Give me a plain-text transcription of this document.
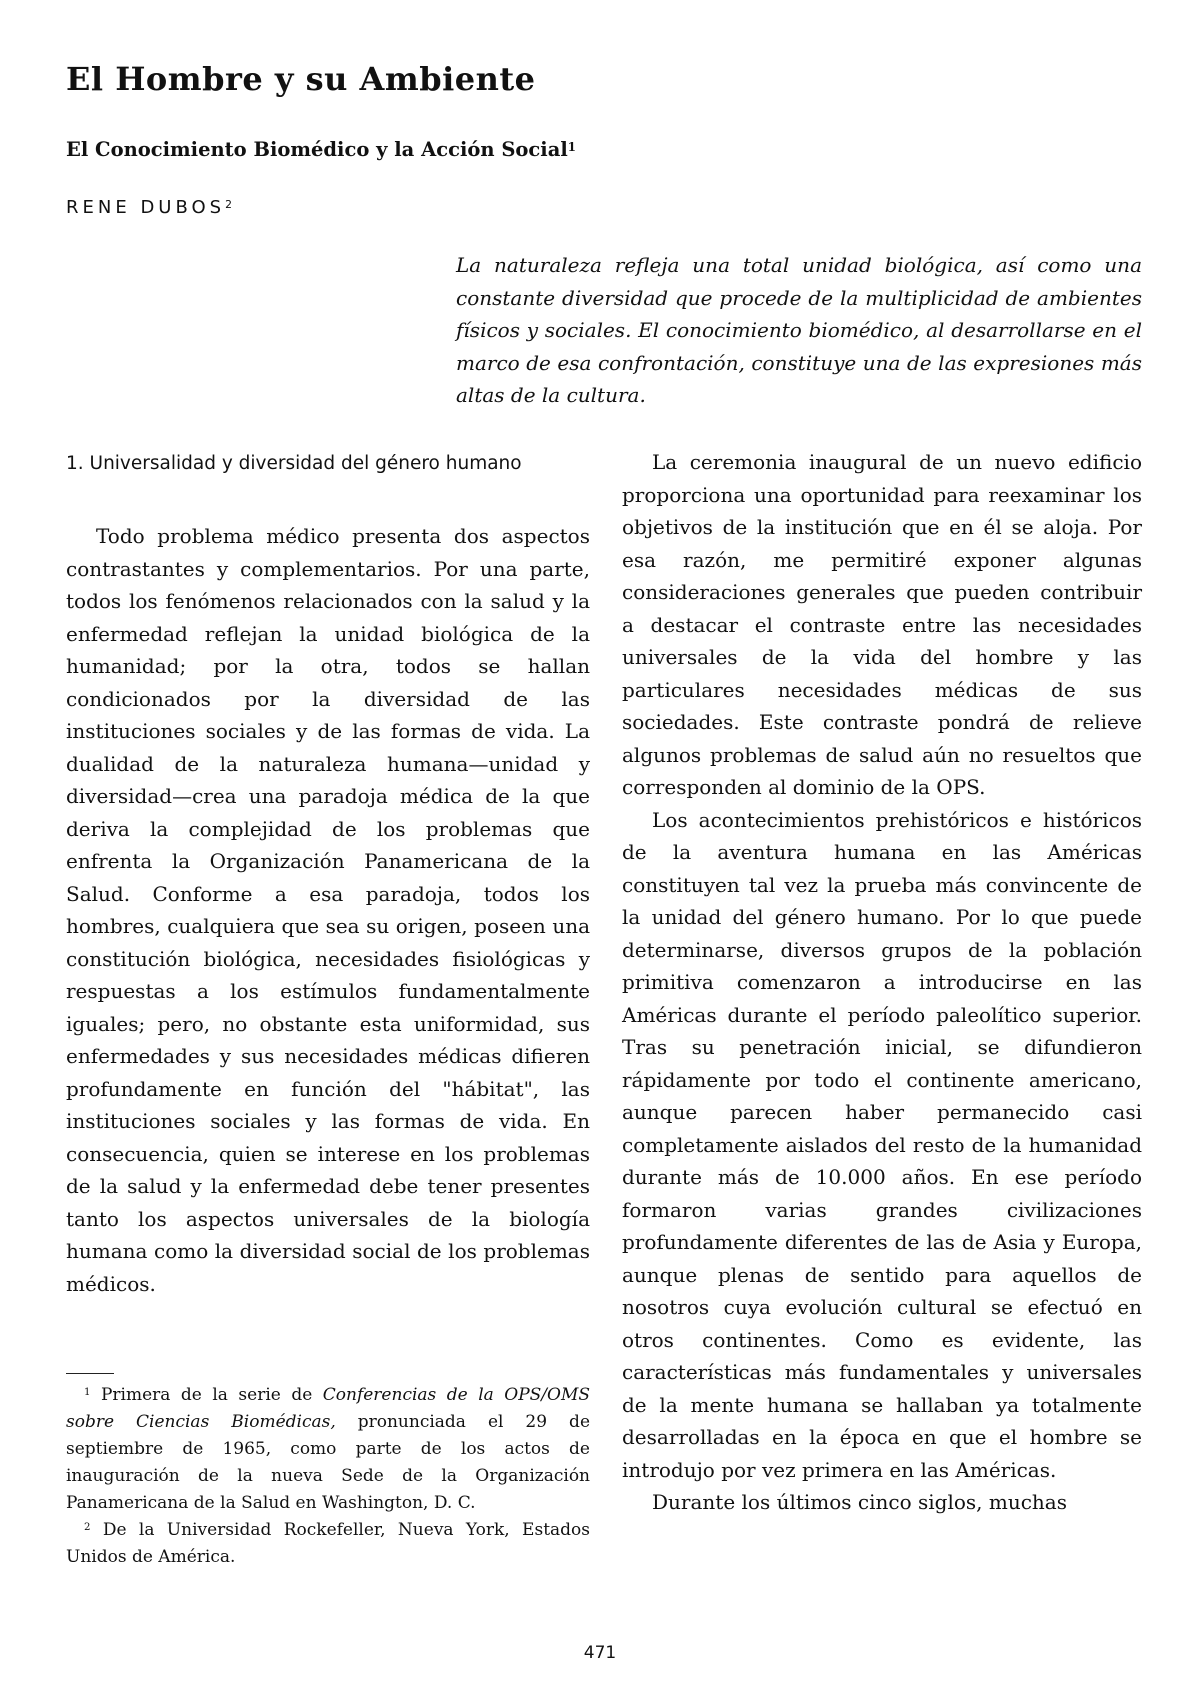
El Hombre y su Ambiente
El Conocimiento Biomédico y la Acción Social$^1$
RENE DUBOS$^2$
La naturaleza refleja una total unidad biológica, así como una constante diversidad que procede de la multiplicidad de ambientes físicos y sociales. El conocimiento biomédico, al desarrollarse en el marco de esa confrontación, constituye una de las expresiones más altas de la cultura.
1. Universalidad y diversidad del género humano

Todo problema médico presenta dos aspectos contrastantes y complementarios. Por una parte, todos los fenómenos relacionados con la salud y la enfermedad reflejan la unidad biológica de la humanidad; por la otra, todos se hallan condicionados por la diversidad de las instituciones sociales y de las formas de vida. La dualidad de la naturaleza humana—unidad y diversidad—crea una paradoja médica de la que deriva la complejidad de los problemas que enfrenta la Organización Panamericana de la Salud. Conforme a esa paradoja, todos los hombres, cualquiera que sea su origen, poseen una constitución biológica, necesidades fisiológicas y respuestas a los estímulos fundamentalmente iguales; pero, no obstante esta uniformidad, sus enfermedades y sus necesidades médicas difieren profundamente en función del "hábitat", las instituciones sociales y las formas de vida. En consecuencia, quien se interese en los problemas de la salud y la enfermedad debe tener presentes tanto los aspectos universales de la biología humana como la diversidad social de los problemas médicos.

$^1$ Primera de la serie de Conferencias de la OPS/OMS sobre Ciencias Biomédicas, pronunciada el 29 de septiembre de 1965, como parte de los actos de inauguración de la nueva Sede de la Organización Panamericana de la Salud en Washington, D. C.

$^2$ De la Universidad Rockefeller, Nueva York, Estados Unidos de América.

La ceremonia inaugural de un nuevo edificio proporciona una oportunidad para reexaminar los objetivos de la institución que en él se aloja. Por esa razón, me permitiré exponer algunas consideraciones generales que pueden contribuir a destacar el contraste entre las necesidades universales de la vida del hombre y las particulares necesidades médicas de sus sociedades. Este contraste pondrá de relieve algunos problemas de salud aún no resueltos que corresponden al dominio de la OPS.

Los acontecimientos prehistóricos e históricos de la aventura humana en las Américas constituyen tal vez la prueba más convincente de la unidad del género humano. Por lo que puede determinarse, diversos grupos de la población primitiva comenzaron a introducirse en las Américas durante el período paleolítico superior. Tras su penetración inicial, se difundieron rápidamente por todo el continente americano, aunque parecen haber permanecido casi completamente aislados del resto de la humanidad durante más de 10.000 años. En ese período formaron varias grandes civilizaciones profundamente diferentes de las de Asia y Europa, aunque plenas de sentido para aquellos de nosotros cuya evolución cultural se efectuó en otros continentes. Como es evidente, las características más fundamentales y universales de la mente humana se hallaban ya totalmente desarrolladas en la época en que el hombre se introdujo por vez primera en las Américas.

Durante los últimos cinco siglos, muchas

471
